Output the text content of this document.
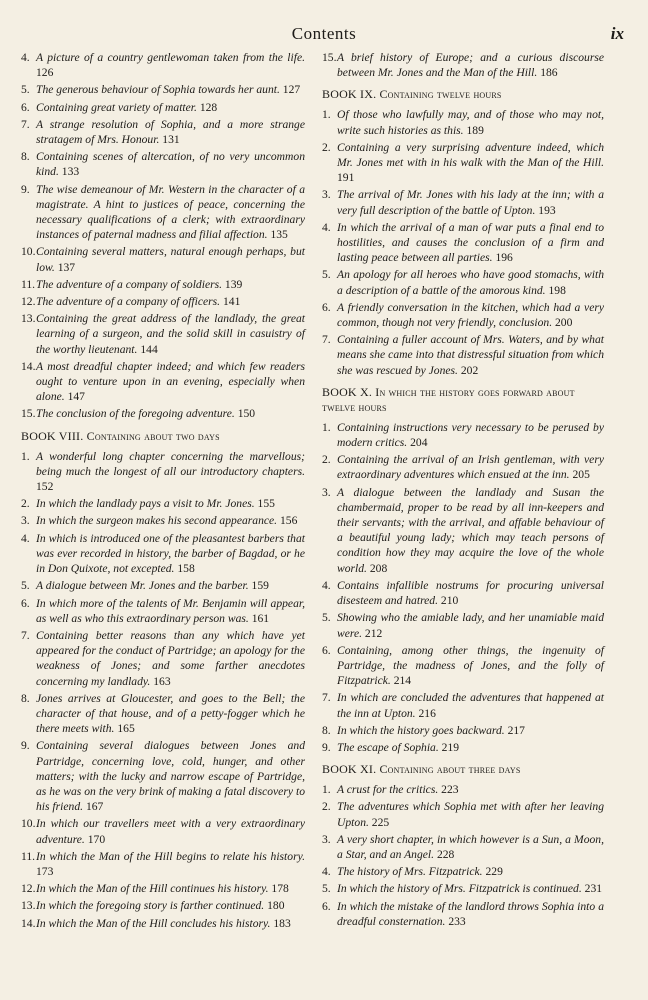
Contents	ix
4. A picture of a country gentlewoman taken from the life. 126
5. The generous behaviour of Sophia towards her aunt. 127
6. Containing great variety of matter. 128
7. A strange resolution of Sophia, and a more strange stratagem of Mrs. Honour. 131
8. Containing scenes of altercation, of no very uncommon kind. 133
9. The wise demeanour of Mr. Western in the character of a magistrate. A hint to justices of peace, concerning the necessary qualifications of a clerk; with extraordinary instances of paternal madness and filial affection. 135
10. Containing several matters, natural enough perhaps, but low. 137
11. The adventure of a company of soldiers. 139
12. The adventure of a company of officers. 141
13. Containing the great address of the landlady, the great learning of a surgeon, and the solid skill in casuistry of the worthy lieutenant. 144
14. A most dreadful chapter indeed; and which few readers ought to venture upon in an evening, especially when alone. 147
15. The conclusion of the foregoing adventure. 150
BOOK VIII. Containing about two days
1. A wonderful long chapter concerning the marvellous; being much the longest of all our introductory chapters. 152
2. In which the landlady pays a visit to Mr. Jones. 155
3. In which the surgeon makes his second appearance. 156
4. In which is introduced one of the pleasantest barbers that was ever recorded in history, the barber of Bagdad, or he in Don Quixote, not excepted. 158
5. A dialogue between Mr. Jones and the barber. 159
6. In which more of the talents of Mr. Benjamin will appear, as well as who this extraordinary person was. 161
7. Containing better reasons than any which have yet appeared for the conduct of Partridge; an apology for the weakness of Jones; and some farther anecdotes concerning my landlady. 163
8. Jones arrives at Gloucester, and goes to the Bell; the character of that house, and of a petty-fogger which he there meets with. 165
9. Containing several dialogues between Jones and Partridge, concerning love, cold, hunger, and other matters; with the lucky and narrow escape of Partridge, as he was on the very brink of making a fatal discovery to his friend. 167
10. In which our travellers meet with a very extraordinary adventure. 170
11. In which the Man of the Hill begins to relate his history. 173
12. In which the Man of the Hill continues his history. 178
13. In which the foregoing story is farther continued. 180
14. In which the Man of the Hill concludes his history. 183
15. A brief history of Europe; and a curious discourse between Mr. Jones and the Man of the Hill. 186
BOOK IX. Containing twelve hours
1. Of those who lawfully may, and of those who may not, write such histories as this. 189
2. Containing a very surprising adventure indeed, which Mr. Jones met with in his walk with the Man of the Hill. 191
3. The arrival of Mr. Jones with his lady at the inn; with a very full description of the battle of Upton. 193
4. In which the arrival of a man of war puts a final end to hostilities, and causes the conclusion of a firm and lasting peace between all parties. 196
5. An apology for all heroes who have good stomachs, with a description of a battle of the amorous kind. 198
6. A friendly conversation in the kitchen, which had a very common, though not very friendly, conclusion. 200
7. Containing a fuller account of Mrs. Waters, and by what means she came into that distressful situation from which she was rescued by Jones. 202
BOOK X. In which the history goes forward about twelve hours
1. Containing instructions very necessary to be perused by modern critics. 204
2. Containing the arrival of an Irish gentleman, with very extraordinary adventures which ensued at the inn. 205
3. A dialogue between the landlady and Susan the chambermaid, proper to be read by all inn-keepers and their servants; with the arrival, and affable behaviour of a beautiful young lady; which may teach persons of condition how they may acquire the love of the whole world. 208
4. Contains infallible nostrums for procuring universal disesteem and hatred. 210
5. Showing who the amiable lady, and her unamiable maid were. 212
6. Containing, among other things, the ingenuity of Partridge, the madness of Jones, and the folly of Fitzpatrick. 214
7. In which are concluded the adventures that happened at the inn at Upton. 216
8. In which the history goes backward. 217
9. The escape of Sophia. 219
BOOK XI. Containing about three days
1. A crust for the critics. 223
2. The adventures which Sophia met with after her leaving Upton. 225
3. A very short chapter, in which however is a Sun, a Moon, a Star, and an Angel. 228
4. The history of Mrs. Fitzpatrick. 229
5. In which the history of Mrs. Fitzpatrick is continued. 231
6. In which the mistake of the landlord throws Sophia into a dreadful consternation. 233
